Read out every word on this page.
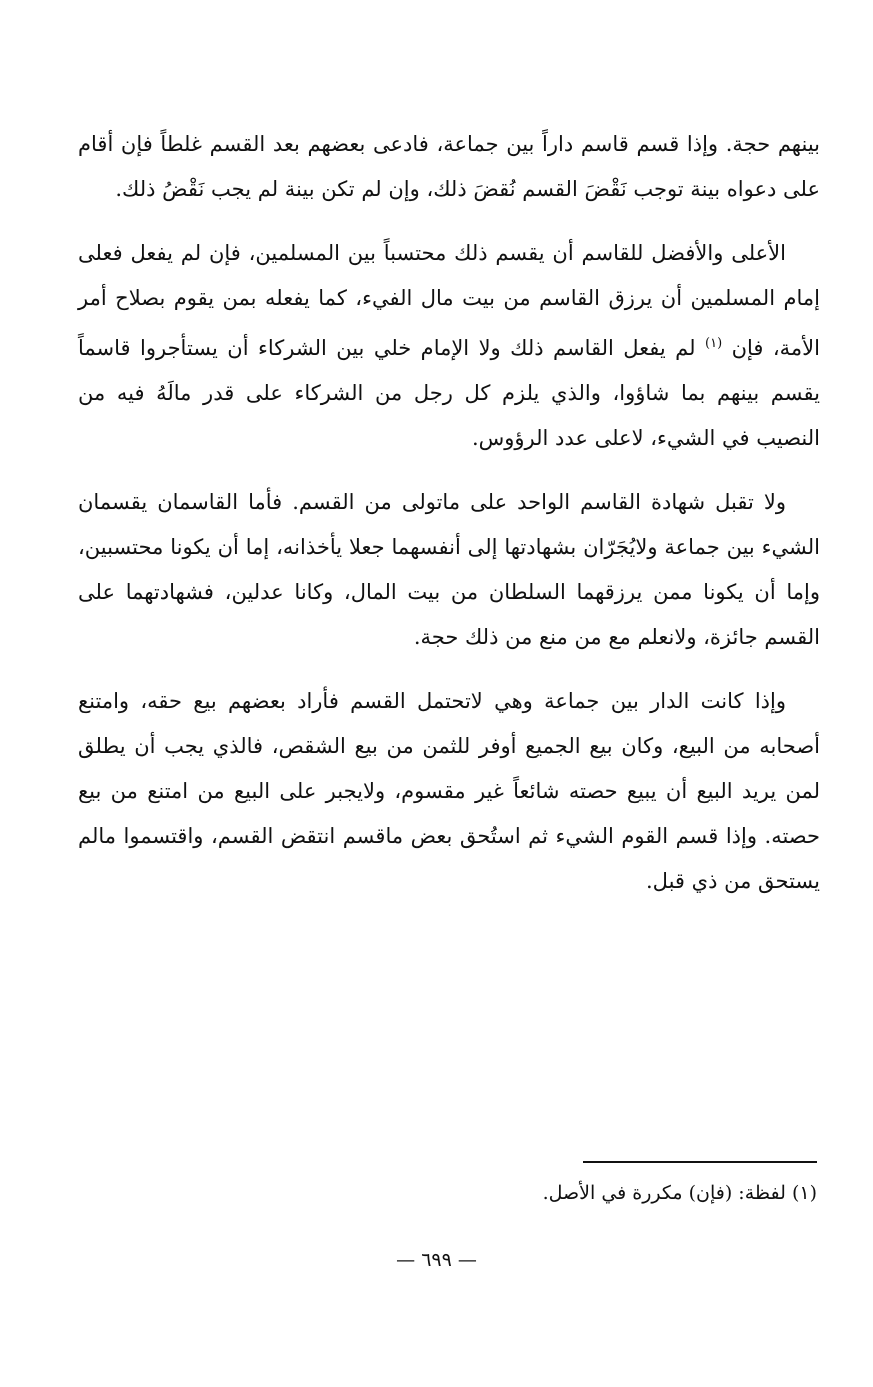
بينهم حجة. وإذا قسم قاسم داراً بين جماعة، فادعى بعضهم بعد القسم غلطاً فإن أقام على دعواه بينة توجب نَقْضَ القسم نُقضَ ذلك، وإن لم تكن بينة لم يجب نَقْضُ ذلك.

الأعلى والأفضل للقاسم أن يقسم ذلك محتسباً بين المسلمين، فإن لم يفعل فعلى إمام المسلمين أن يرزق القاسم من بيت مال الفيء، كما يفعله بمن يقوم بصلاح أمر الأمة، فإن $^{(١)}$ لم يفعل القاسم ذلك ولا الإمام خلي بين الشركاء أن يستأجروا قاسماً يقسم بينهم بما شاؤوا، والذي يلزم كل رجل من الشركاء على قدر مالَهُ فيه من النصيب في الشيء، لاعلى عدد الرؤوس.

ولا تقبل شهادة القاسم الواحد على ماتولى من القسم. فأما القاسمان يقسمان الشيء بين جماعة ولايُجَرّان بشهادتها إلى أنفسهما جعلا يأخذانه، إما أن يكونا محتسبين، وإما أن يكونا ممن يرزقهما السلطان من بيت المال، وكانا عدلين، فشهادتهما على القسم جائزة، ولانعلم مع من منع من ذلك حجة.

وإذا كانت الدار بين جماعة وهي لاتحتمل القسم فأراد بعضهم بيع حقه، وامتنع أصحابه من البيع، وكان بيع الجميع أوفر للثمن من بيع الشقص، فالذي يجب أن يطلق لمن يريد البيع أن يبيع حصته شائعاً غير مقسوم، ولايجبر على البيع من امتنع من بيع حصته. وإذا قسم القوم الشيء ثم استُحق بعض ماقسم انتقض القسم، واقتسموا مالم يستحق من ذي قبل.

(١) لفظة: (فإن) مكررة في الأصل.
— ٦٩٩ —
